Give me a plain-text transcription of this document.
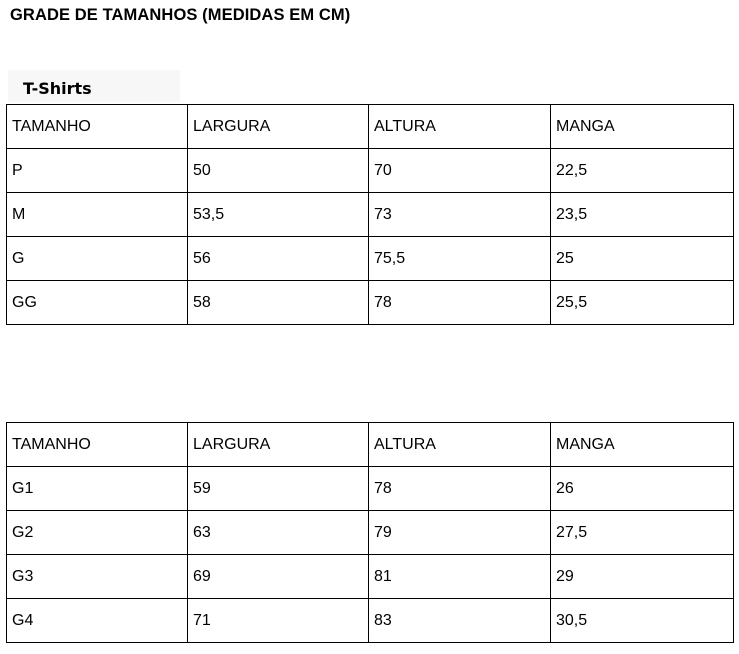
GRADE DE TAMANHOS (MEDIDAS EM CM)
T-Shirts
TAMANHO	LARGURA	ALTURA	MANGA
P	50	70	22,5
M	53,5	73	23,5
G	56	75,5	25
GG	58	78	25,5
TAMANHO	LARGURA	ALTURA	MANGA
G1	59	78	26
G2	63	79	27,5
G3	69	81	29
G4	71	83	30,5
